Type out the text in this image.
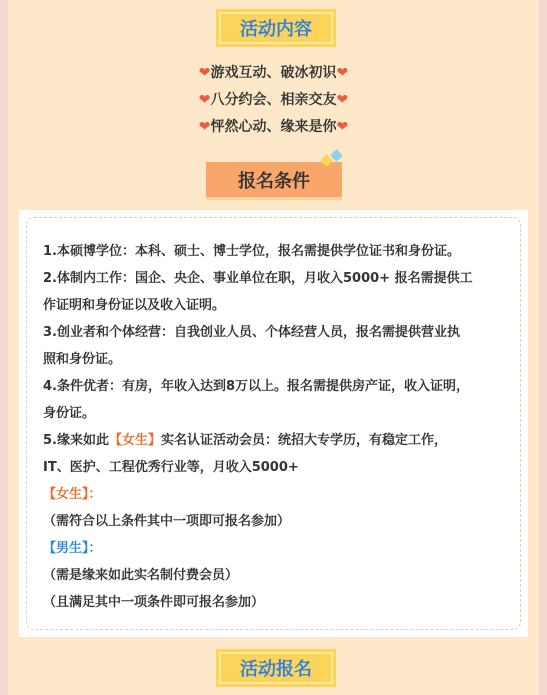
活动内容
❤游戏互动、破冰初识❤
❤八分约会、相亲交友❤
❤怦然心动、缘来是你❤
报名条件
1.本硕博学位：本科、硕士、博士学位，报名需提供学位证书和身份证。
2.体制内工作：国企、央企、事业单位在职，月收入5000+ 报名需提供工
作证明和身份证以及收入证明。
3.创业者和个体经营：自我创业人员、个体经营人员，报名需提供营业执
照和身份证。
4.条件优者：有房，年收入达到8万以上。报名需提供房产证，收入证明，
身份证。
5.缘来如此【女生】实名认证活动会员：统招大专学历，有稳定工作，
IT、医护、工程优秀行业等，月收入5000+
【女生】：
（需符合以上条件其中一项即可报名参加）
【男生】：
（需是缘来如此实名制付费会员）
（且满足其中一项条件即可报名参加）
活动报名
